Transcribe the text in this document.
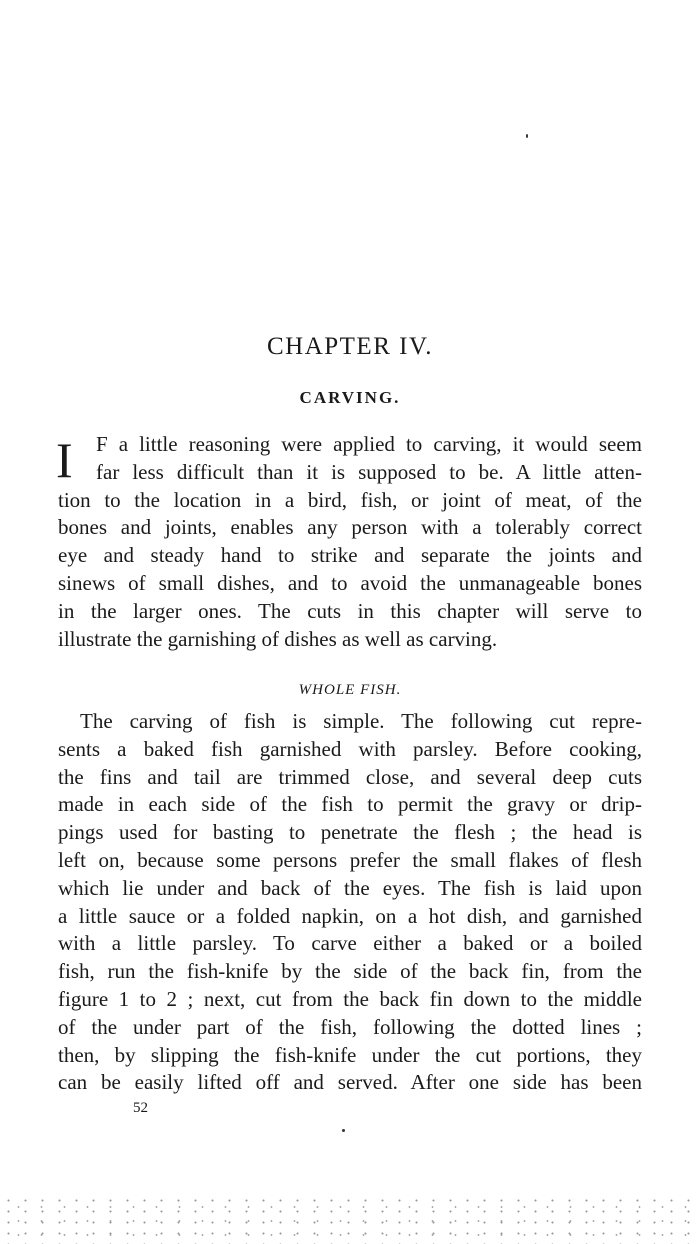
CHAPTER IV.
CARVING.
I	F a little reasoning were applied to carving, it would seem
far less difficult than it is supposed to be. A little atten-
tion to the location in a bird, fish, or joint of meat, of the
bones and joints, enables any person with a tolerably correct
eye and steady hand to strike and separate the joints and
sinews of small dishes, and to avoid the unmanageable bones
in the larger ones. The cuts in this chapter will serve to
illustrate the garnishing of dishes as well as carving.
WHOLE FISH.
The carving of fish is simple. The following cut repre-
sents a baked fish garnished with parsley. Before cooking,
the fins and tail are trimmed close, and several deep cuts
made in each side of the fish to permit the gravy or drip-
pings used for basting to penetrate the flesh ; the head is
left on, because some persons prefer the small flakes of flesh
which lie under and back of the eyes. The fish is laid upon
a little sauce or a folded napkin, on a hot dish, and garnished
with a little parsley. To carve either a baked or a boiled
fish, run the fish-knife by the side of the back fin, from the
figure 1 to 2 ; next, cut from the back fin down to the middle
of the under part of the fish, following the dotted lines ;
then, by slipping the fish-knife under the cut portions, they
can be easily lifted off and served. After one side has been
52
